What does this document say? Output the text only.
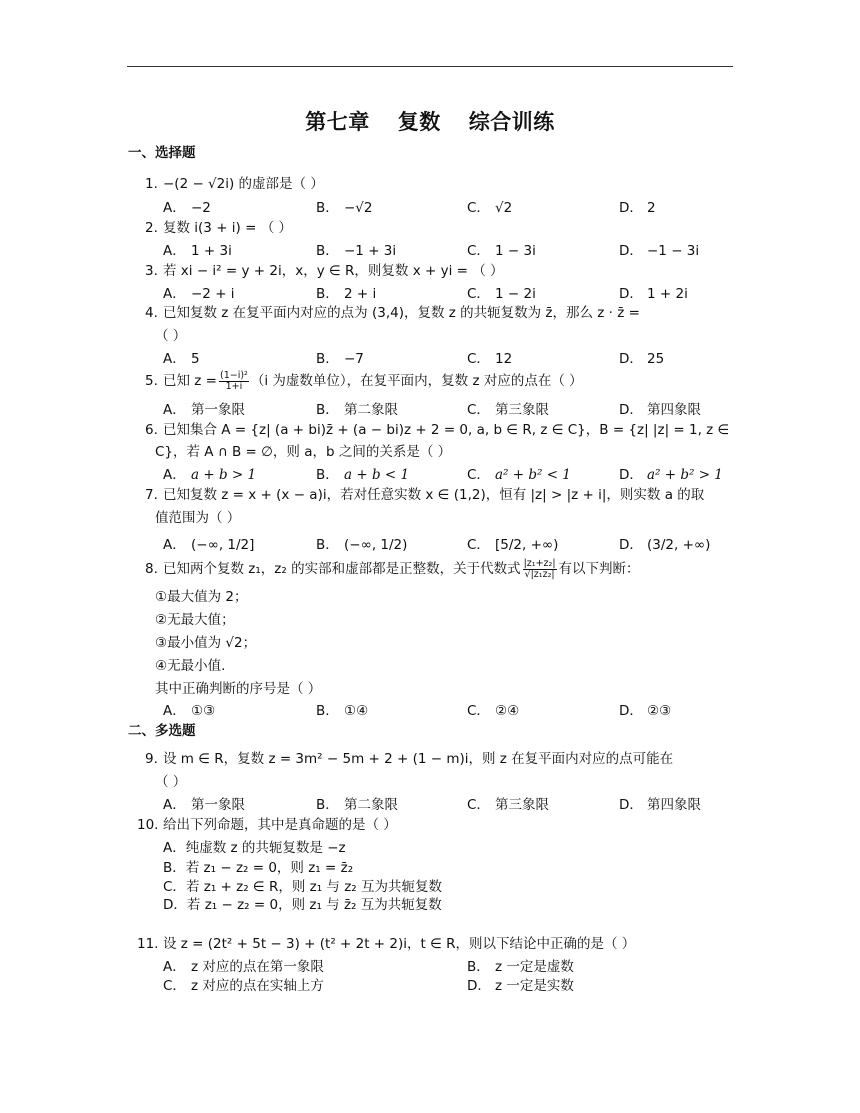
第七章 复数 综合训练
一、选择题
1. −(2 − √2i) 的虚部是（ ）
A． −2	B． −√2	C． √2	D． 2
2. 复数 i(3 + i) = （ ）
A． 1 + 3i	B． −1 + 3i	C． 1 − 3i	D． −1 − 3i
3. 若 xi − i² = y + 2i，x，y ∈ R，则复数 x + yi = （ ）
A． −2 + i	B． 2 + i	C． 1 − 2i	D． 1 + 2i
4. 已知复数 z 在复平面内对应的点为 (3,4)，复数 z 的共轭复数为 z̄，那么 z · z̄ =
（ ）
A． 5	B． −7	C． 12	D． 25
5. 已知 $z = \frac{\text{(1−i)²}}{1+i} (i$ 为虚数单位），在复平面内，复数 z 对应的点在（ ）
A． 第一象限	B． 第二象限	C． 第三象限	D． 第四象限
6. 已知集合 A = {z| (a + bi)z̄ + (a − bi)z + 2 = 0, a, b ∈ R, z ∈ C}，B = {z| |z| = 1, z ∈
C}，若 A ∩ B = ∅，则 a，b 之间的关系是（ ）
A． a + b > 1	B． a + b < 1	C． a² + b² < 1	D． a² + b² > 1
7. 已知复数 z = x + (x − a)i，若对任意实数 x ∈ (1,2)，恒有 |z| > |z + i|，则实数 a 的取
值范围为（ ）
A． (−∞, 1/2]	B． (−∞, 1/2)	C． [5/2, +∞)	D． (3/2, +∞)
8. 已知两个复数 z₁，z₂ 的实部和虚部都是正整数，关于代数式 $\frac{\text{|z₁+z₂|}}{\text{√|z₁z₂|}}$ 有以下判断：
①最大值为 2；
②无最大值；
③最小值为 √2；
④无最小值.
其中正确判断的序号是（ ）
A． ①③	B． ①④	C． ②④	D． ②③
二、多选题
9. 设 m ∈ R，复数 z = 3m² − 5m + 2 + (1 − m)i，则 z 在复平面内对应的点可能在
（ ）
A． 第一象限	B． 第二象限	C． 第三象限	D． 第四象限
10. 给出下列命题，其中是真命题的是（ ）
A．纯虚数 z 的共轭复数是 −z
B．若 z₁ − z₂ = 0，则 z₁ = z̄₂
C．若 z₁ + z₂ ∈ R，则 z₁ 与 z₂ 互为共轭复数
D．若 z₁ − z₂ = 0，则 z₁ 与 z̄₂ 互为共轭复数
11. 设 z = (2t² + 5t − 3) + (t² + 2t + 2)i，t ∈ R，则以下结论中正确的是（ ）
A． z 对应的点在第一象限	B． z 一定是虚数
C． z 对应的点在实轴上方	D． z 一定是实数
